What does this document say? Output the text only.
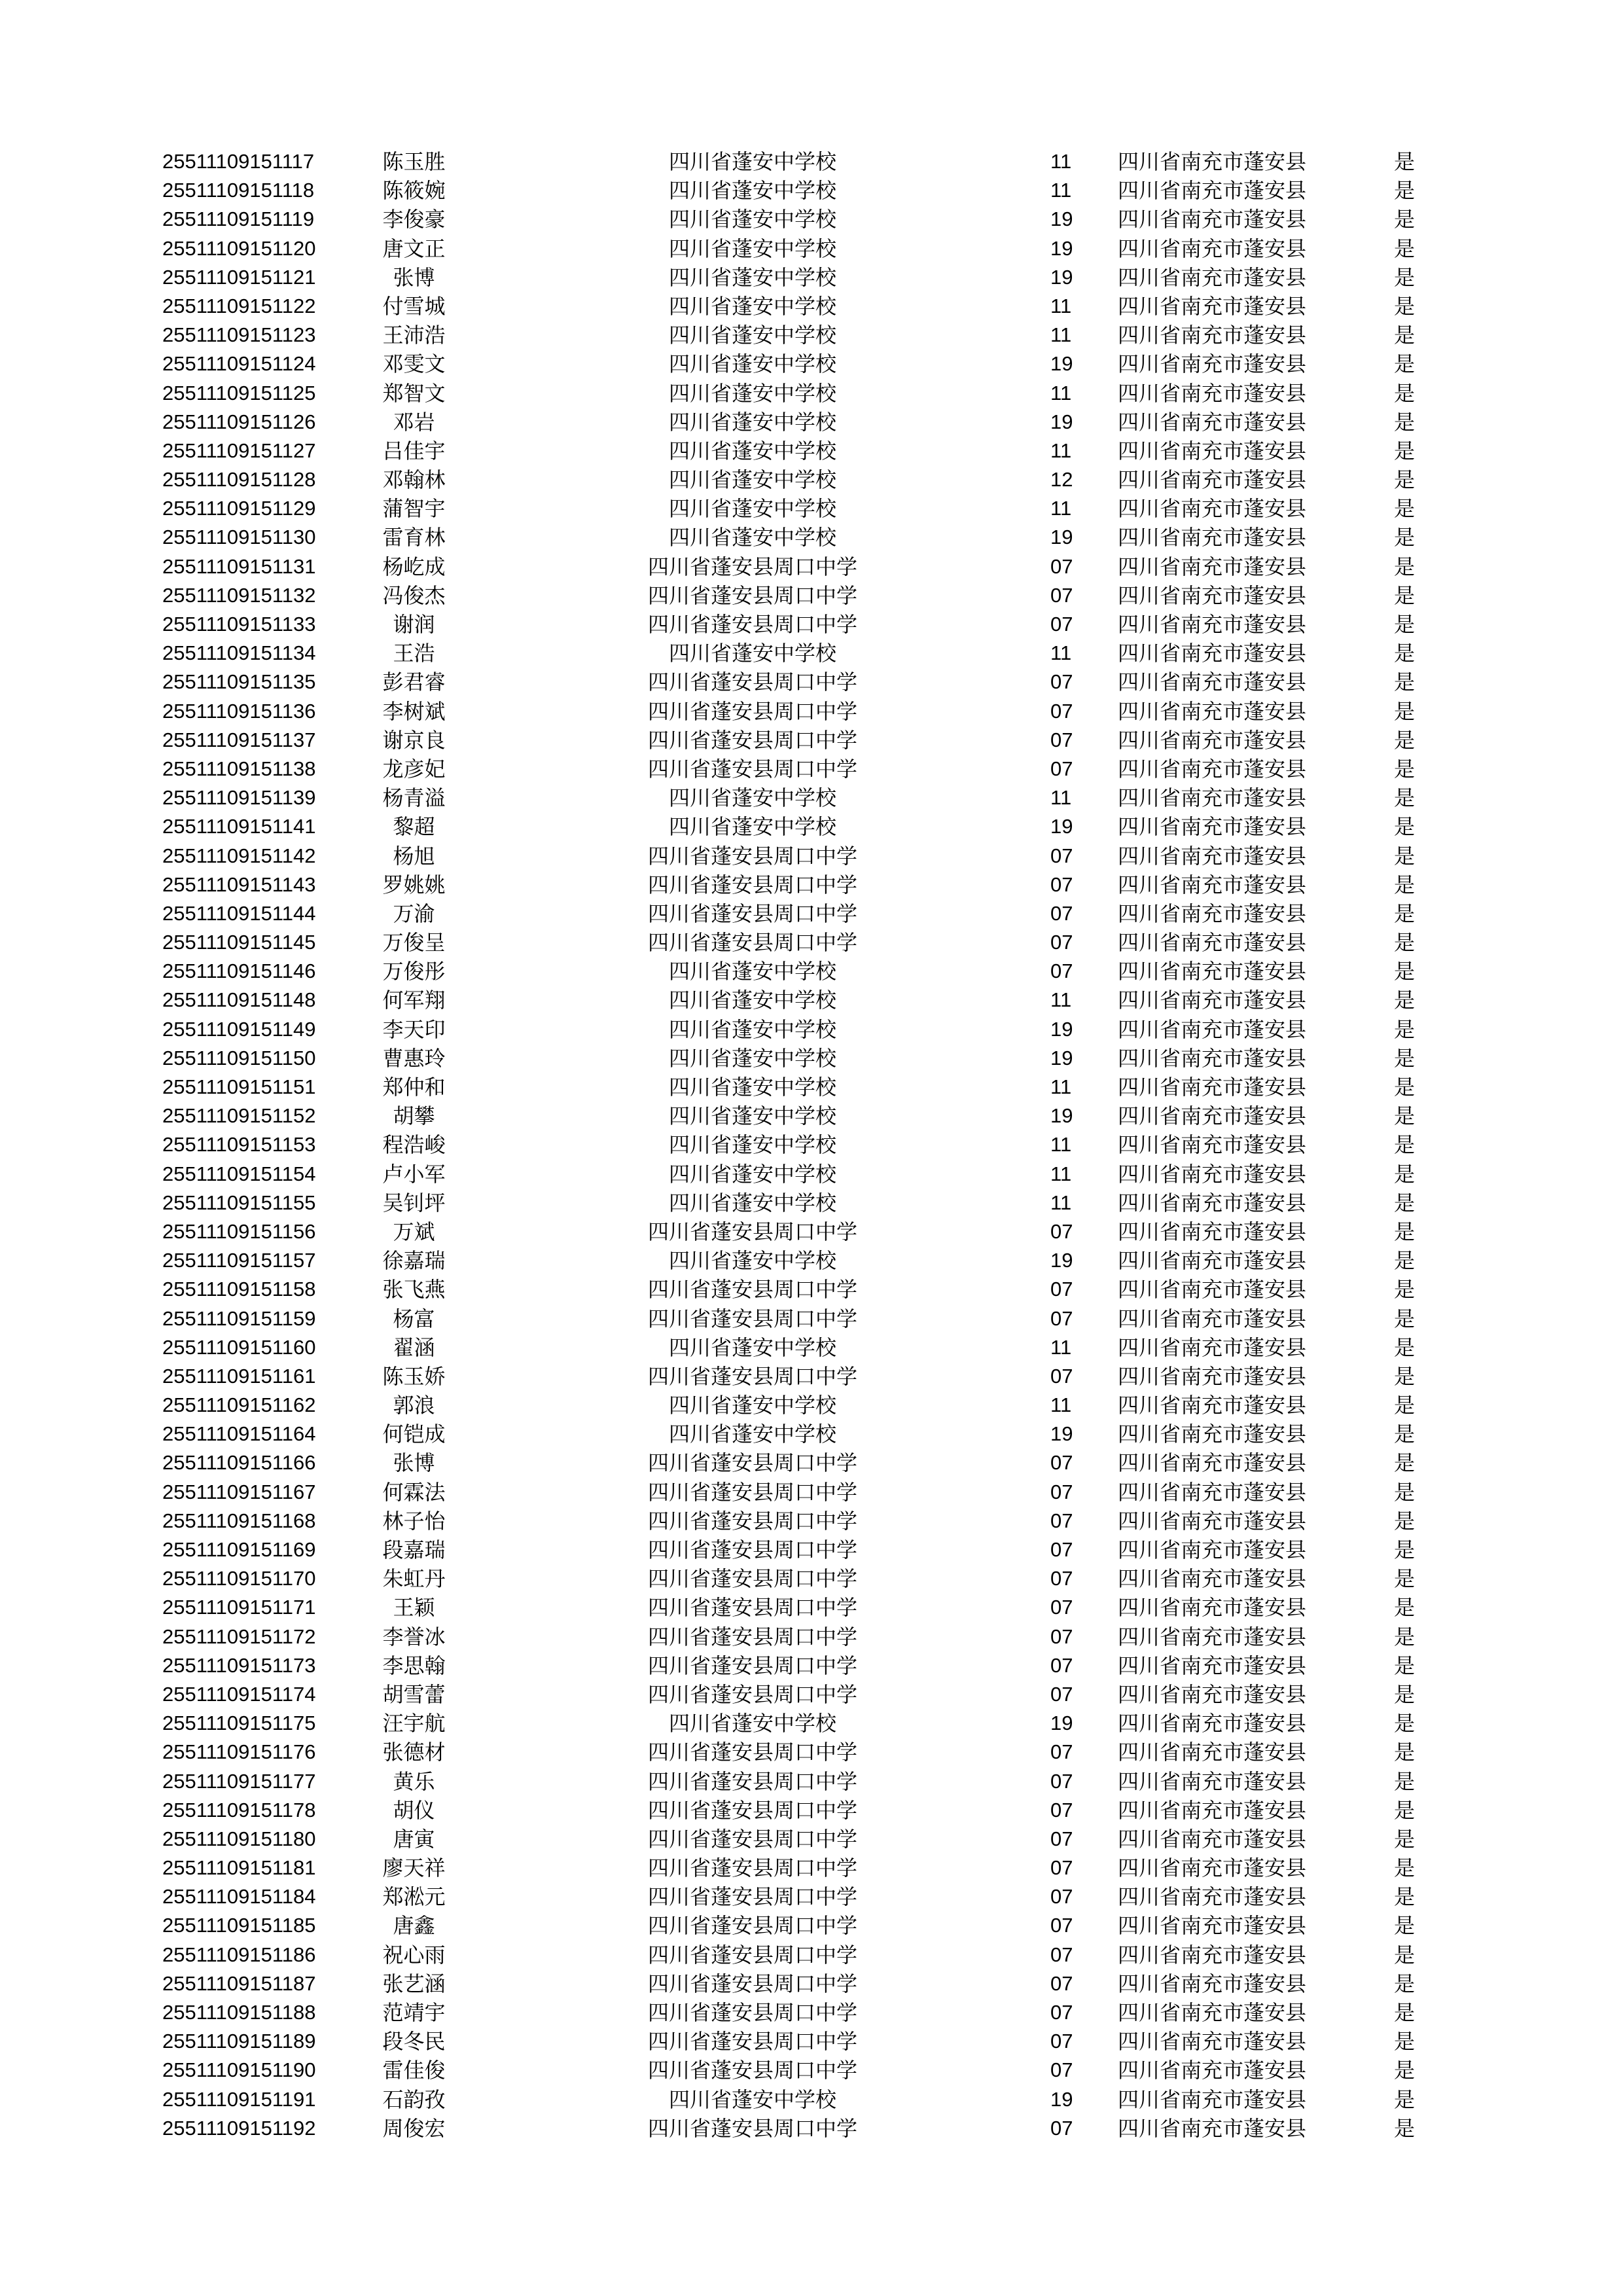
25511109151117	陈玉胜	四川省蓬安中学校	11	四川省南充市蓬安县	是
25511109151118	陈筱婉	四川省蓬安中学校	11	四川省南充市蓬安县	是
25511109151119	李俊豪	四川省蓬安中学校	19	四川省南充市蓬安县	是
25511109151120	唐文正	四川省蓬安中学校	19	四川省南充市蓬安县	是
25511109151121	张博	四川省蓬安中学校	19	四川省南充市蓬安县	是
25511109151122	付雪城	四川省蓬安中学校	11	四川省南充市蓬安县	是
25511109151123	王沛浩	四川省蓬安中学校	11	四川省南充市蓬安县	是
25511109151124	邓雯文	四川省蓬安中学校	19	四川省南充市蓬安县	是
25511109151125	郑智文	四川省蓬安中学校	11	四川省南充市蓬安县	是
25511109151126	邓岩	四川省蓬安中学校	19	四川省南充市蓬安县	是
25511109151127	吕佳宇	四川省蓬安中学校	11	四川省南充市蓬安县	是
25511109151128	邓翰林	四川省蓬安中学校	12	四川省南充市蓬安县	是
25511109151129	蒲智宇	四川省蓬安中学校	11	四川省南充市蓬安县	是
25511109151130	雷育林	四川省蓬安中学校	19	四川省南充市蓬安县	是
25511109151131	杨屹成	四川省蓬安县周口中学	07	四川省南充市蓬安县	是
25511109151132	冯俊杰	四川省蓬安县周口中学	07	四川省南充市蓬安县	是
25511109151133	谢润	四川省蓬安县周口中学	07	四川省南充市蓬安县	是
25511109151134	王浩	四川省蓬安中学校	11	四川省南充市蓬安县	是
25511109151135	彭君睿	四川省蓬安县周口中学	07	四川省南充市蓬安县	是
25511109151136	李树斌	四川省蓬安县周口中学	07	四川省南充市蓬安县	是
25511109151137	谢京良	四川省蓬安县周口中学	07	四川省南充市蓬安县	是
25511109151138	龙彦妃	四川省蓬安县周口中学	07	四川省南充市蓬安县	是
25511109151139	杨青溢	四川省蓬安中学校	11	四川省南充市蓬安县	是
25511109151141	黎超	四川省蓬安中学校	19	四川省南充市蓬安县	是
25511109151142	杨旭	四川省蓬安县周口中学	07	四川省南充市蓬安县	是
25511109151143	罗姚姚	四川省蓬安县周口中学	07	四川省南充市蓬安县	是
25511109151144	万渝	四川省蓬安县周口中学	07	四川省南充市蓬安县	是
25511109151145	万俊呈	四川省蓬安县周口中学	07	四川省南充市蓬安县	是
25511109151146	万俊彤	四川省蓬安中学校	07	四川省南充市蓬安县	是
25511109151148	何军翔	四川省蓬安中学校	11	四川省南充市蓬安县	是
25511109151149	李天印	四川省蓬安中学校	19	四川省南充市蓬安县	是
25511109151150	曹惠玲	四川省蓬安中学校	19	四川省南充市蓬安县	是
25511109151151	郑仲和	四川省蓬安中学校	11	四川省南充市蓬安县	是
25511109151152	胡攀	四川省蓬安中学校	19	四川省南充市蓬安县	是
25511109151153	程浩峻	四川省蓬安中学校	11	四川省南充市蓬安县	是
25511109151154	卢小军	四川省蓬安中学校	11	四川省南充市蓬安县	是
25511109151155	吴钊坪	四川省蓬安中学校	11	四川省南充市蓬安县	是
25511109151156	万斌	四川省蓬安县周口中学	07	四川省南充市蓬安县	是
25511109151157	徐嘉瑞	四川省蓬安中学校	19	四川省南充市蓬安县	是
25511109151158	张飞燕	四川省蓬安县周口中学	07	四川省南充市蓬安县	是
25511109151159	杨富	四川省蓬安县周口中学	07	四川省南充市蓬安县	是
25511109151160	翟涵	四川省蓬安中学校	11	四川省南充市蓬安县	是
25511109151161	陈玉娇	四川省蓬安县周口中学	07	四川省南充市蓬安县	是
25511109151162	郭浪	四川省蓬安中学校	11	四川省南充市蓬安县	是
25511109151164	何铠成	四川省蓬安中学校	19	四川省南充市蓬安县	是
25511109151166	张博	四川省蓬安县周口中学	07	四川省南充市蓬安县	是
25511109151167	何霖法	四川省蓬安县周口中学	07	四川省南充市蓬安县	是
25511109151168	林子怡	四川省蓬安县周口中学	07	四川省南充市蓬安县	是
25511109151169	段嘉瑞	四川省蓬安县周口中学	07	四川省南充市蓬安县	是
25511109151170	朱虹丹	四川省蓬安县周口中学	07	四川省南充市蓬安县	是
25511109151171	王颖	四川省蓬安县周口中学	07	四川省南充市蓬安县	是
25511109151172	李誉冰	四川省蓬安县周口中学	07	四川省南充市蓬安县	是
25511109151173	李思翰	四川省蓬安县周口中学	07	四川省南充市蓬安县	是
25511109151174	胡雪蕾	四川省蓬安县周口中学	07	四川省南充市蓬安县	是
25511109151175	汪宇航	四川省蓬安中学校	19	四川省南充市蓬安县	是
25511109151176	张德材	四川省蓬安县周口中学	07	四川省南充市蓬安县	是
25511109151177	黄乐	四川省蓬安县周口中学	07	四川省南充市蓬安县	是
25511109151178	胡仪	四川省蓬安县周口中学	07	四川省南充市蓬安县	是
25511109151180	唐寅	四川省蓬安县周口中学	07	四川省南充市蓬安县	是
25511109151181	廖天祥	四川省蓬安县周口中学	07	四川省南充市蓬安县	是
25511109151184	郑淞元	四川省蓬安县周口中学	07	四川省南充市蓬安县	是
25511109151185	唐鑫	四川省蓬安县周口中学	07	四川省南充市蓬安县	是
25511109151186	祝心雨	四川省蓬安县周口中学	07	四川省南充市蓬安县	是
25511109151187	张艺涵	四川省蓬安县周口中学	07	四川省南充市蓬安县	是
25511109151188	范靖宇	四川省蓬安县周口中学	07	四川省南充市蓬安县	是
25511109151189	段冬民	四川省蓬安县周口中学	07	四川省南充市蓬安县	是
25511109151190	雷佳俊	四川省蓬安县周口中学	07	四川省南充市蓬安县	是
25511109151191	石韵孜	四川省蓬安中学校	19	四川省南充市蓬安县	是
25511109151192	周俊宏	四川省蓬安县周口中学	07	四川省南充市蓬安县	是
